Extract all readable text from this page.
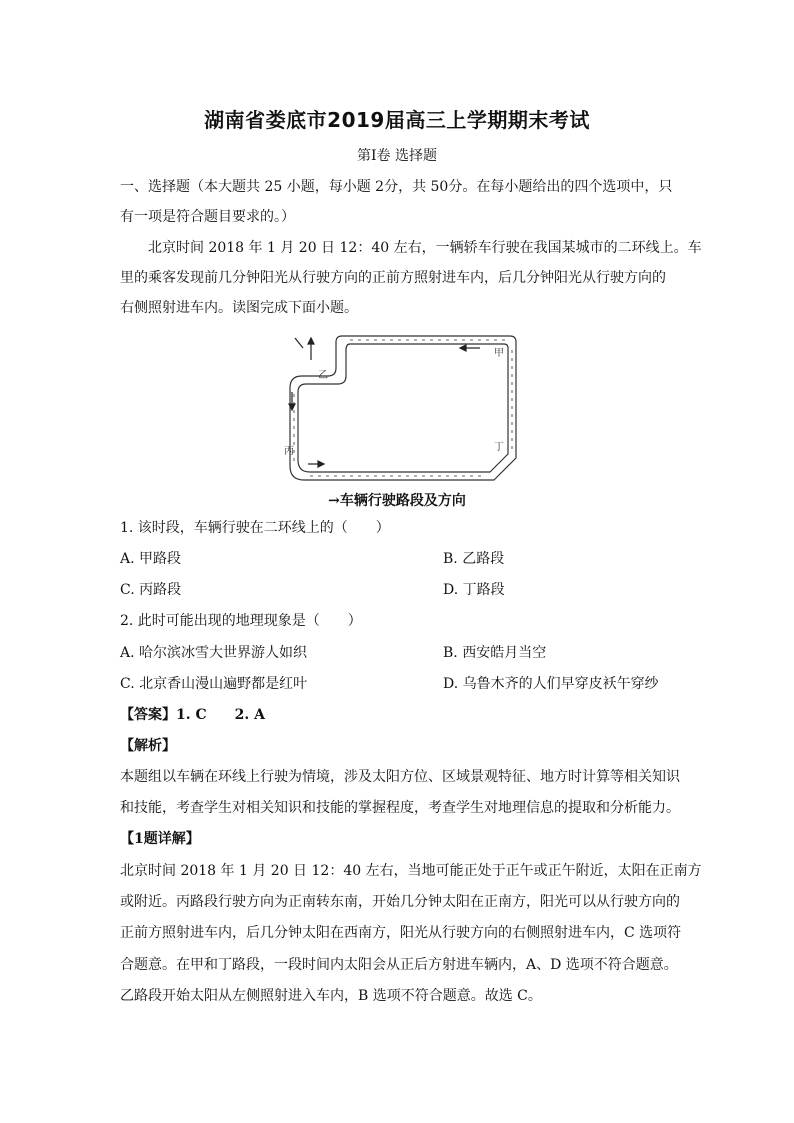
湖南省娄底市2019届高三上学期期末考试
第Ⅰ卷 选择题
一、选择题（本大题共 25 小题，每小题 2分，共 50分。在每小题给出的四个选项中，只
有一项是符合题目要求的。）
北京时间 2018 年 1 月 20 日 12：40 左右，一辆轿车行驶在我国某城市的二环线上。车
里的乘客发现前几分钟阳光从行驶方向的正前方照射进车内，后几分钟阳光从行驶方向的
右侧照射进车内。读图完成下面小题。
甲
乙
丙	丁
→车辆行驶路段及方向
1. 该时段，车辆行驶在二环线上的（　　）
A. 甲路段	B. 乙路段
C. 丙路段	D. 丁路段
2. 此时可能出现的地理现象是（　　）
A. 哈尔滨冰雪大世界游人如织	B. 西安皓月当空
C. 北京香山漫山遍野都是红叶	D. 乌鲁木齐的人们早穿皮袄午穿纱
【答案】1. C　　2. A
【解析】
本题组以车辆在环线上行驶为情境，涉及太阳方位、区域景观特征、地方时计算等相关知识
和技能，考查学生对相关知识和技能的掌握程度，考查学生对地理信息的提取和分析能力。
【1题详解】
北京时间 2018 年 1 月 20 日 12：40 左右，当地可能正处于正午或正午附近，太阳在正南方
或附近。丙路段行驶方向为正南转东南，开始几分钟太阳在正南方，阳光可以从行驶方向的
正前方照射进车内，后几分钟太阳在西南方，阳光从行驶方向的右侧照射进车内，C 选项符
合题意。在甲和丁路段，一段时间内太阳会从正后方射进车辆内，A、D 选项不符合题意。
乙路段开始太阳从左侧照射进入车内，B 选项不符合题意。故选 C。
